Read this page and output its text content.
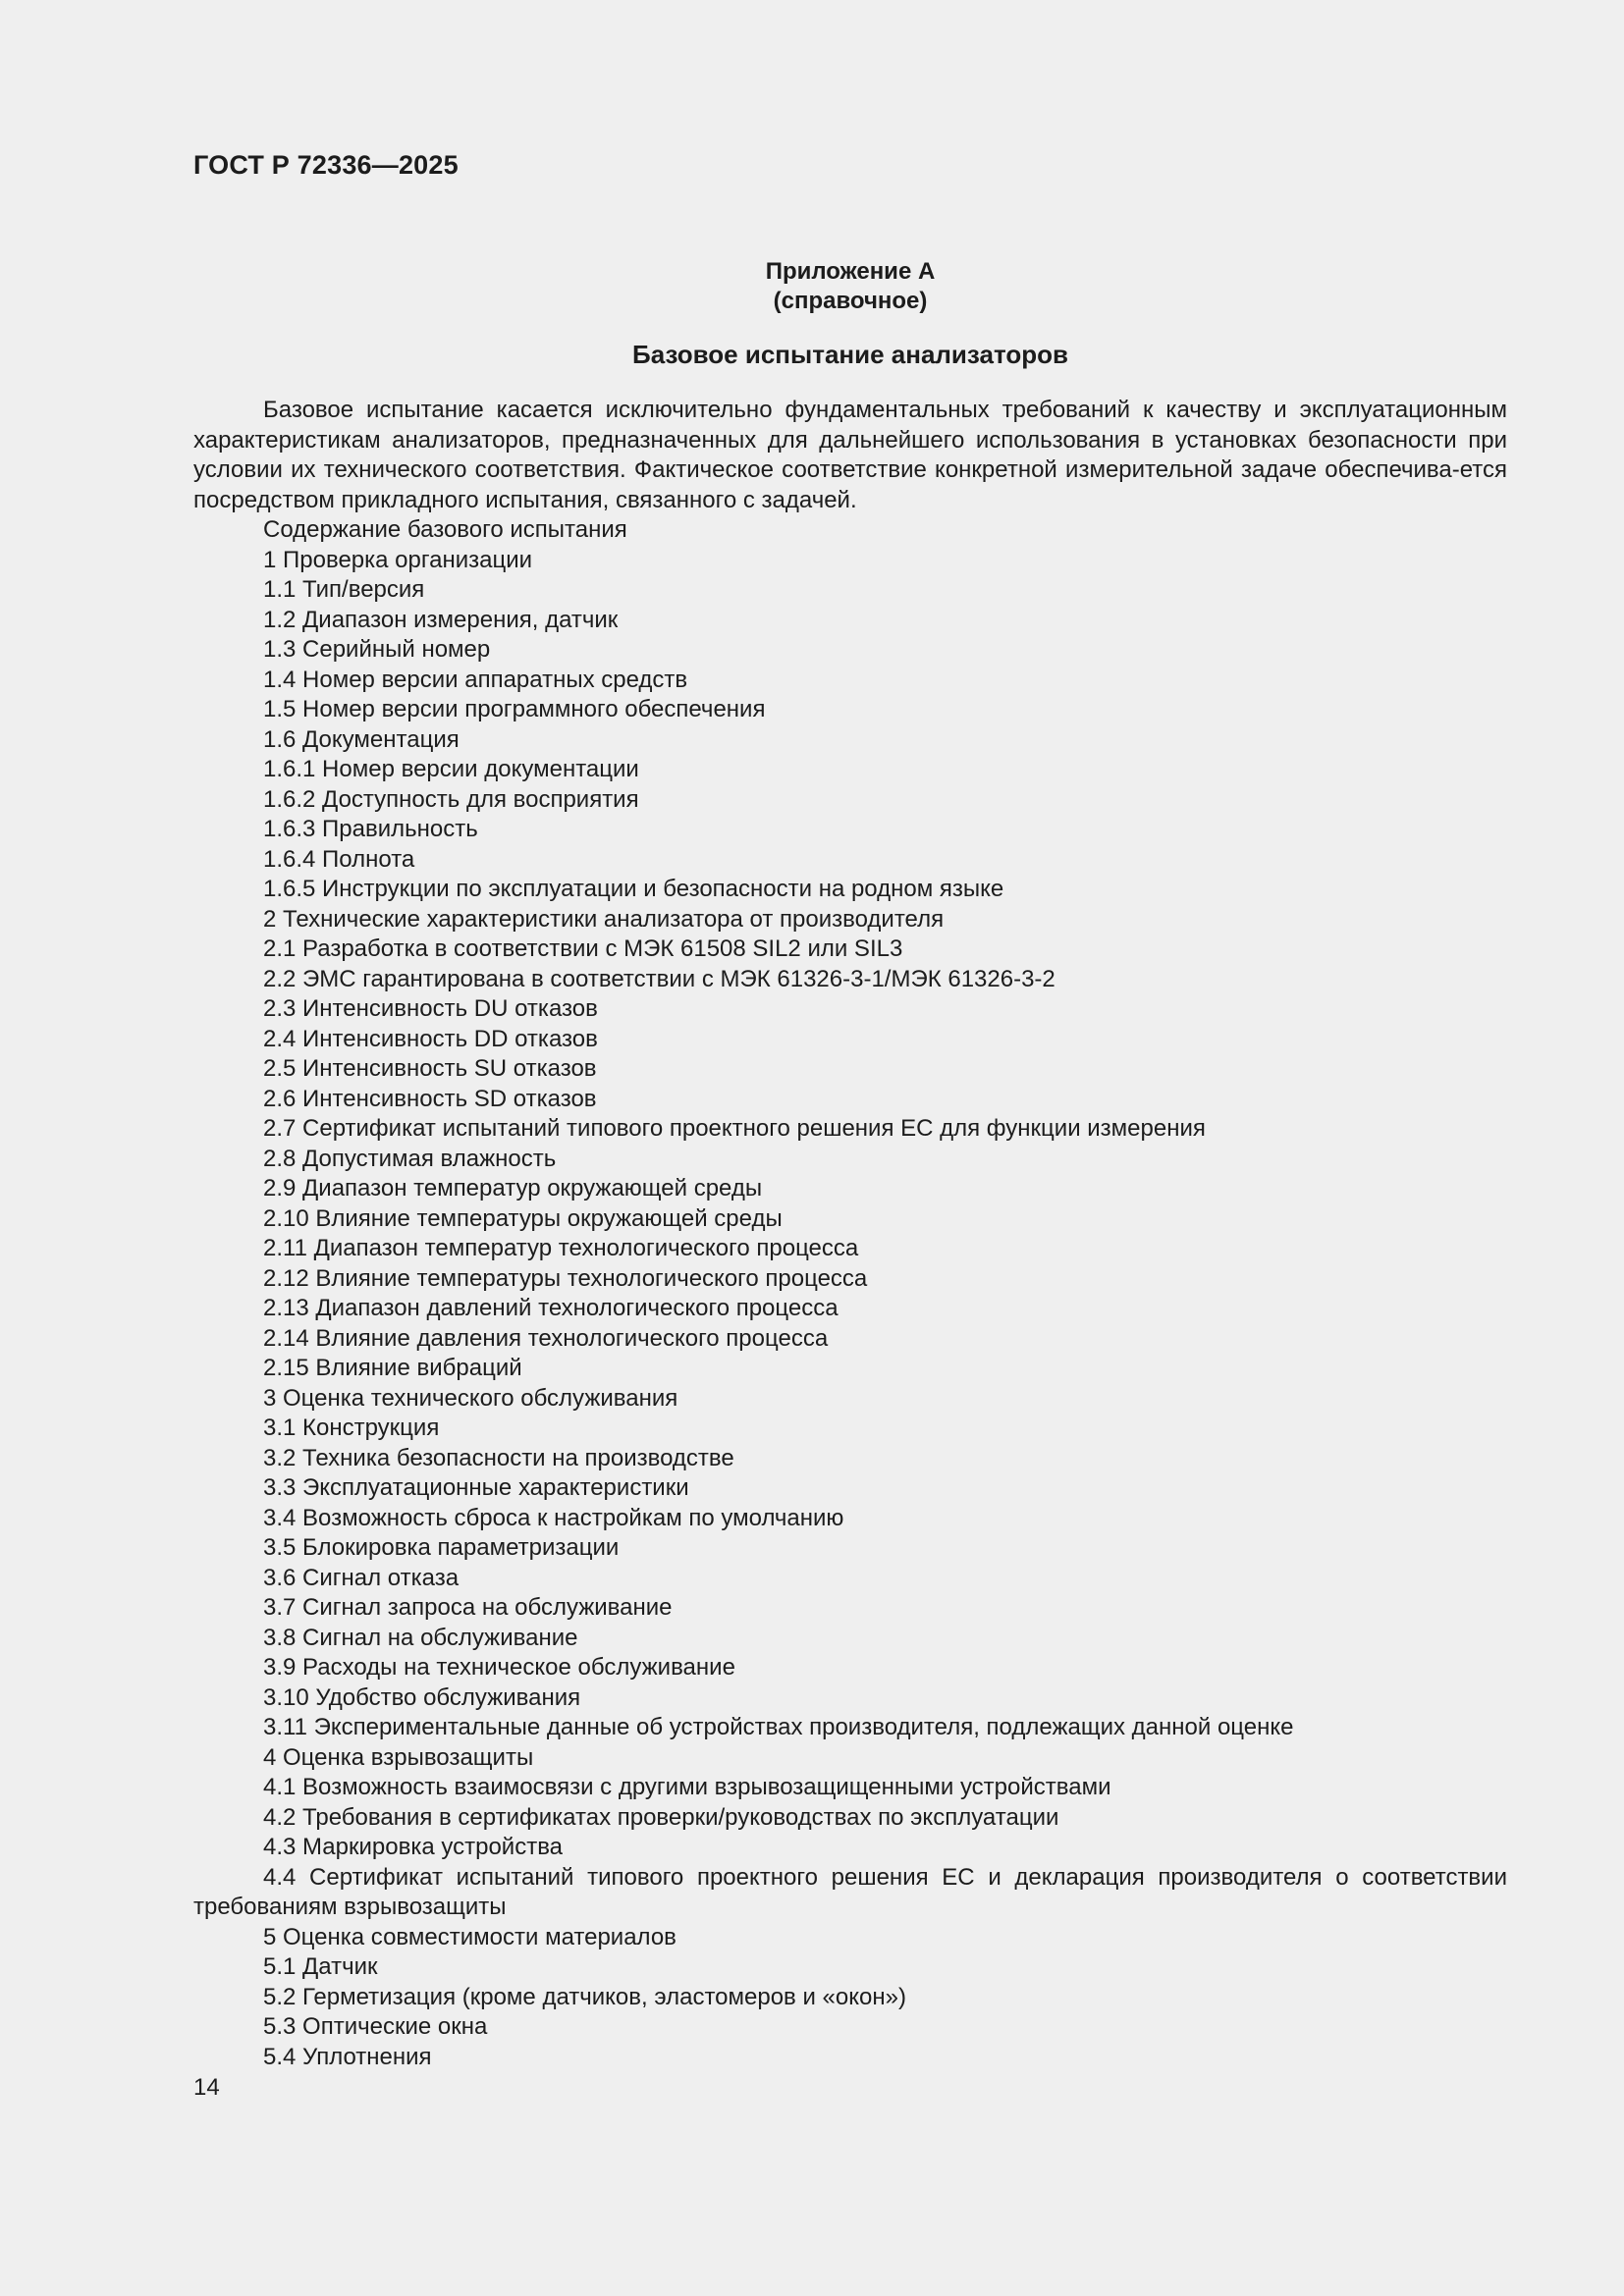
ГОСТ Р 72336—2025
Приложение А
(справочное)
Базовое испытание анализаторов

Базовое испытание касается исключительно фундаментальных требований к качеству и эксплуатационным характеристикам анализаторов, предназначенных для дальнейшего использования в установках безопасности при условии их технического соответствия. Фактическое соответствие конкретной измерительной задаче обеспечива-ется посредством прикладного испытания, связанного с задачей.

Содержание базового испытания
1 Проверка организации
1.1 Тип/версия
1.2 Диапазон измерения, датчик
1.3 Серийный номер
1.4 Номер версии аппаратных средств
1.5 Номер версии программного обеспечения
1.6 Документация
1.6.1 Номер версии документации
1.6.2 Доступность для восприятия
1.6.3 Правильность
1.6.4 Полнота
1.6.5 Инструкции по эксплуатации и безопасности на родном языке
2 Технические характеристики анализатора от производителя
2.1 Разработка в соответствии с МЭК 61508 SIL2 или SIL3
2.2 ЭМС гарантирована в соответствии с МЭК 61326-3-1/МЭК 61326-3-2
2.3 Интенсивность DU отказов
2.4 Интенсивность DD отказов
2.5 Интенсивность SU отказов
2.6 Интенсивность SD отказов
2.7 Сертификат испытаний типового проектного решения ЕС для функции измерения
2.8 Допустимая влажность
2.9 Диапазон температур окружающей среды
2.10 Влияние температуры окружающей среды
2.11 Диапазон температур технологического процесса
2.12 Влияние температуры технологического процесса
2.13 Диапазон давлений технологического процесса
2.14 Влияние давления технологического процесса
2.15 Влияние вибраций
3 Оценка технического обслуживания
3.1 Конструкция
3.2 Техника безопасности на производстве
3.3 Эксплуатационные характеристики
3.4 Возможность сброса к настройкам по умолчанию
3.5 Блокировка параметризации
3.6 Сигнал отказа
3.7 Сигнал запроса на обслуживание
3.8 Сигнал на обслуживание
3.9 Расходы на техническое обслуживание
3.10 Удобство обслуживания
3.11 Экспериментальные данные об устройствах производителя, подлежащих данной оценке
4 Оценка взрывозащиты
4.1 Возможность взаимосвязи с другими взрывозащищенными устройствами
4.2 Требования в сертификатах проверки/руководствах по эксплуатации
4.3 Маркировка устройства

4.4 Сертификат испытаний типового проектного решения ЕС и декларация производителя о соответствии требованиям взрывозащиты

5 Оценка совместимости материалов
5.1 Датчик
5.2 Герметизация (кроме датчиков, эластомеров и «окон»)
5.3 Оптические окна
5.4 Уплотнения
14
